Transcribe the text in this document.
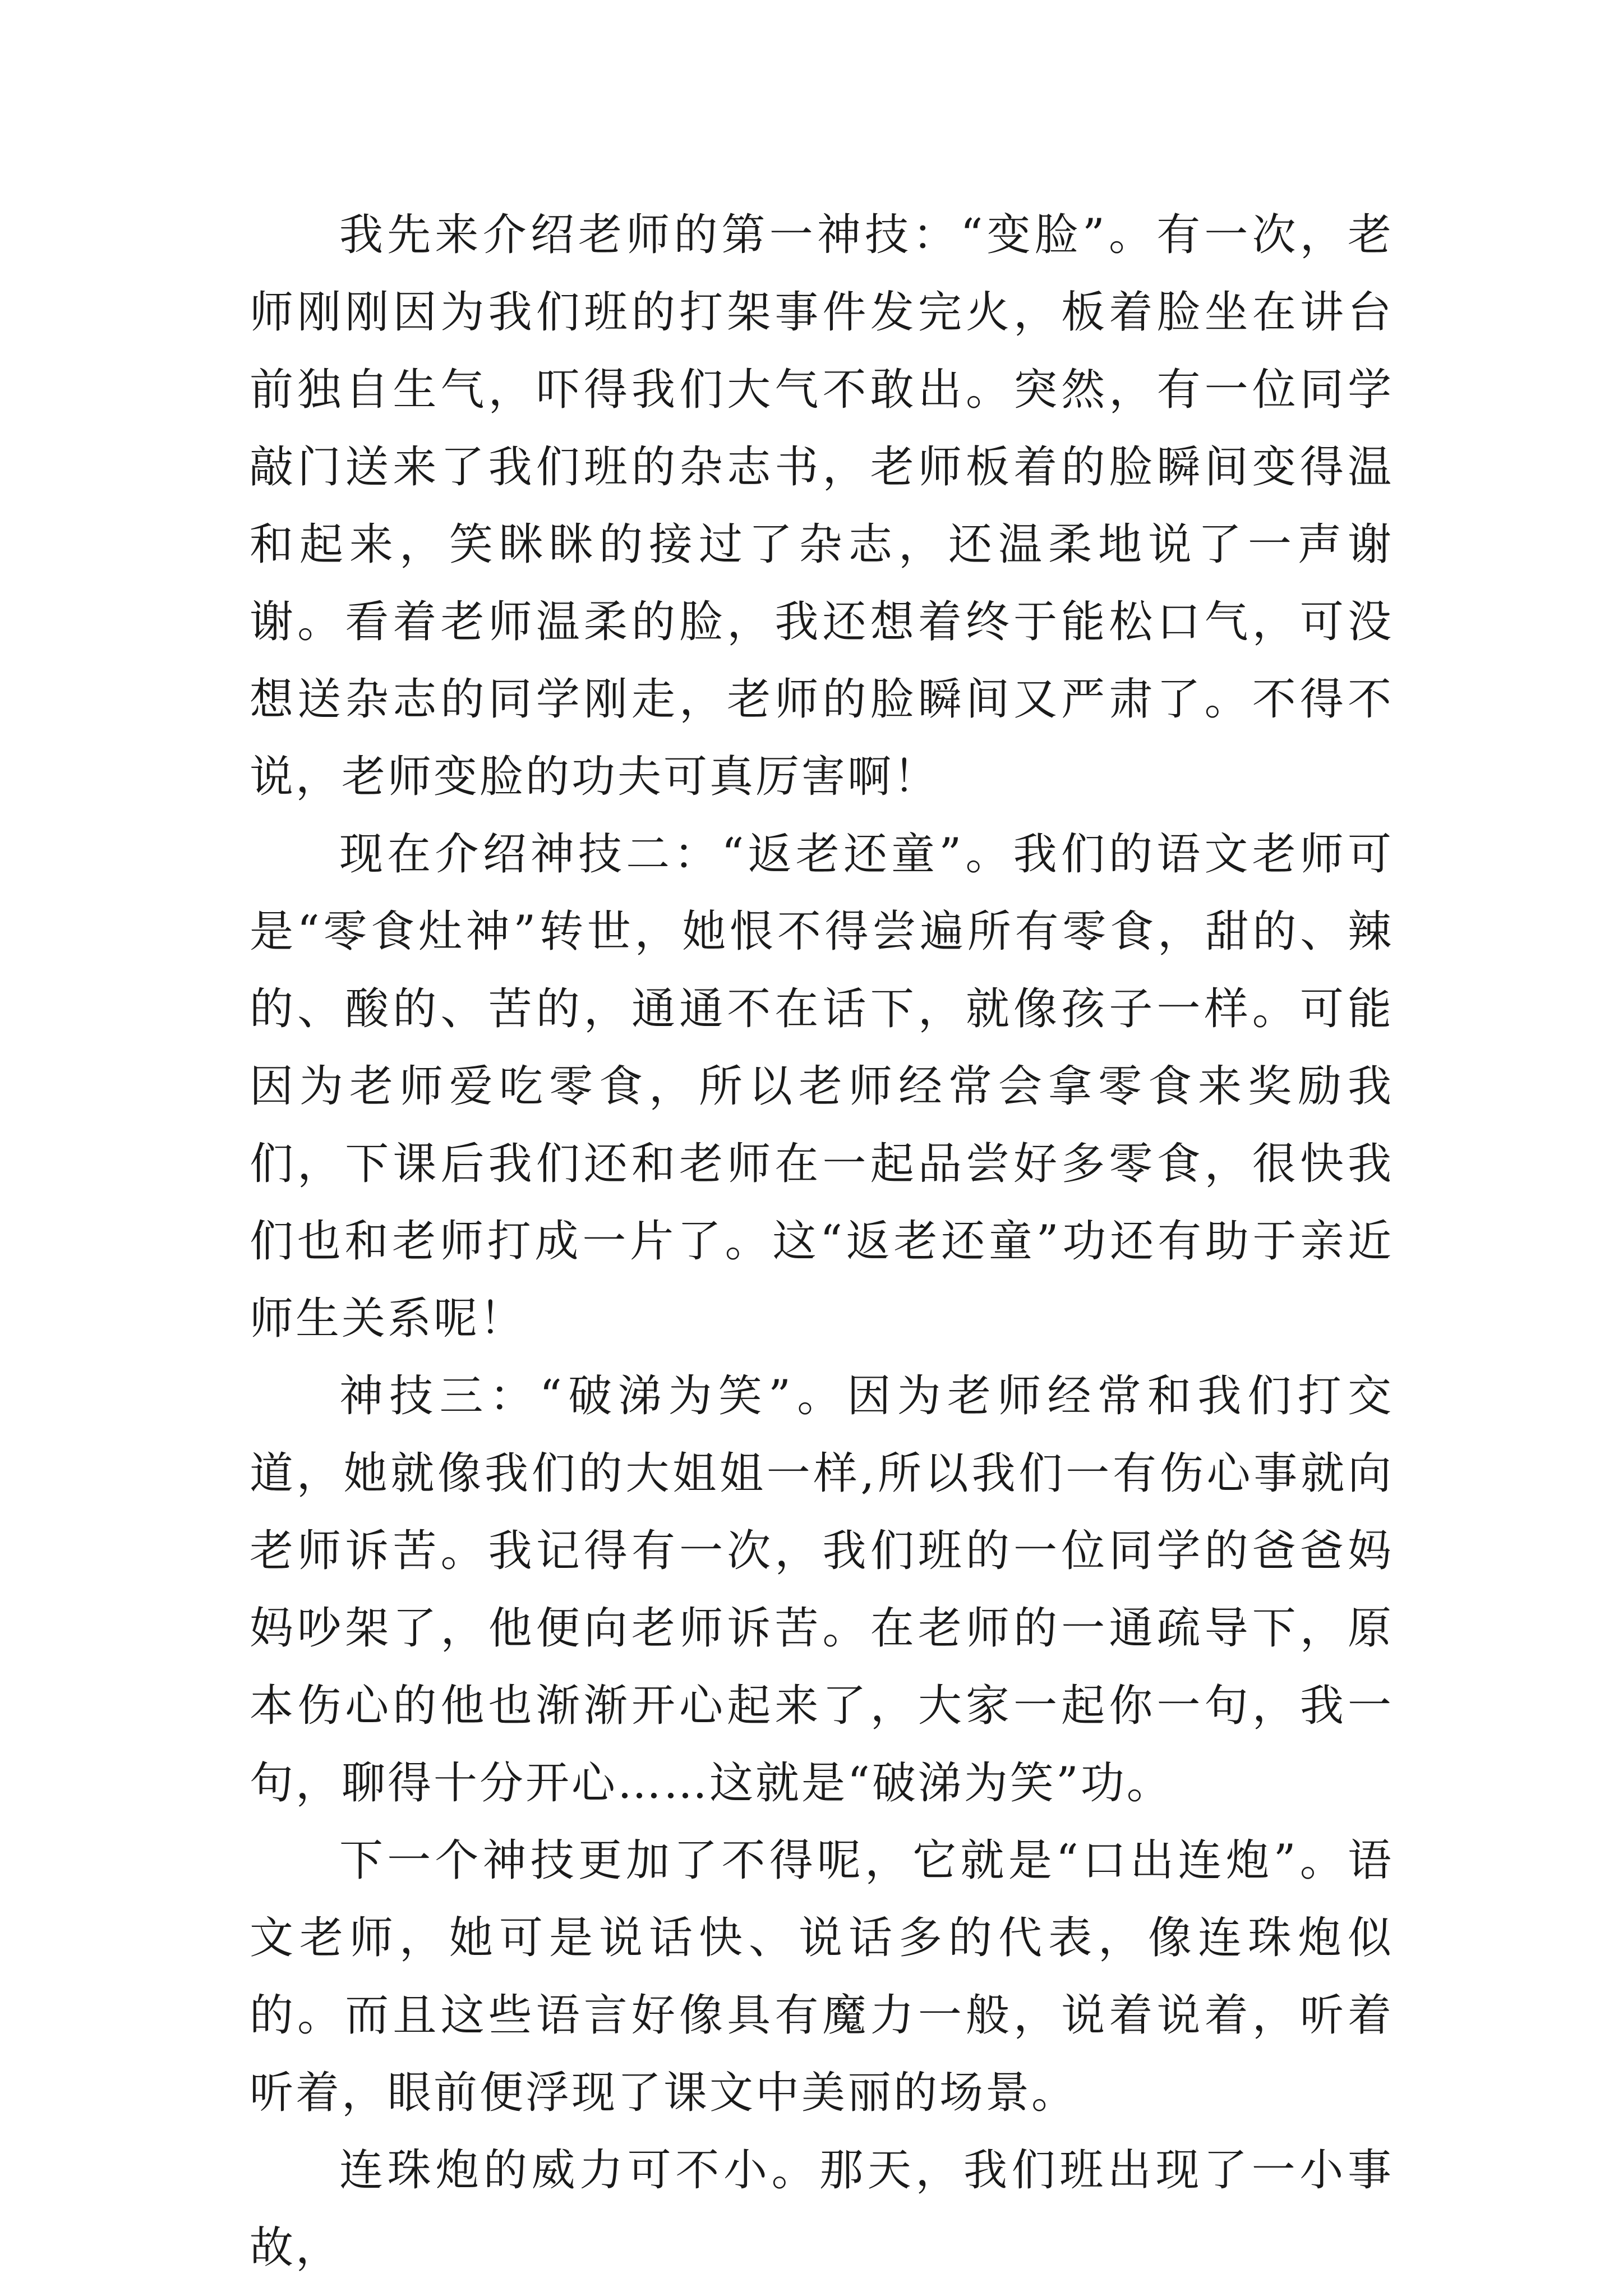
我先来介绍老师的第一神技：“变脸”。有一次，老师刚刚因为我们班的打架事件发完火，板着脸坐在讲台前独自生气，吓得我们大气不敢出。突然，有一位同学敲门送来了我们班的杂志书，老师板着的脸瞬间变得温和起来，笑眯眯的接过了杂志，还温柔地说了一声谢谢。看着老师温柔的脸，我还想着终于能松口气，可没想送杂志的同学刚走，老师的脸瞬间又严肃了。不得不说，老师变脸的功夫可真厉害啊！

现在介绍神技二：“返老还童”。我们的语文老师可是“零食灶神”转世，她恨不得尝遍所有零食，甜的、辣的、酸的、苦的，通通不在话下，就像孩子一样。可能因为老师爱吃零食，所以老师经常会拿零食来奖励我们，下课后我们还和老师在一起品尝好多零食，很快我们也和老师打成一片了。这“返老还童”功还有助于亲近师生关系呢！

神技三：“破涕为笑”。因为老师经常和我们打交道，她就像我们的大姐姐一样,所以我们一有伤心事就向老师诉苦。我记得有一次，我们班的一位同学的爸爸妈妈吵架了，他便向老师诉苦。在老师的一通疏导下，原本伤心的他也渐渐开心起来了，大家一起你一句，我一句，聊得十分开心……这就是“破涕为笑”功。

下一个神技更加了不得呢，它就是“口出连炮”。语文老师，她可是说话快、说话多的代表，像连珠炮似的。而且这些语言好像具有魔力一般，说着说着，听着听着，眼前便浮现了课文中美丽的场景。

连珠炮的威力可不小。那天，我们班出现了一小事故，
